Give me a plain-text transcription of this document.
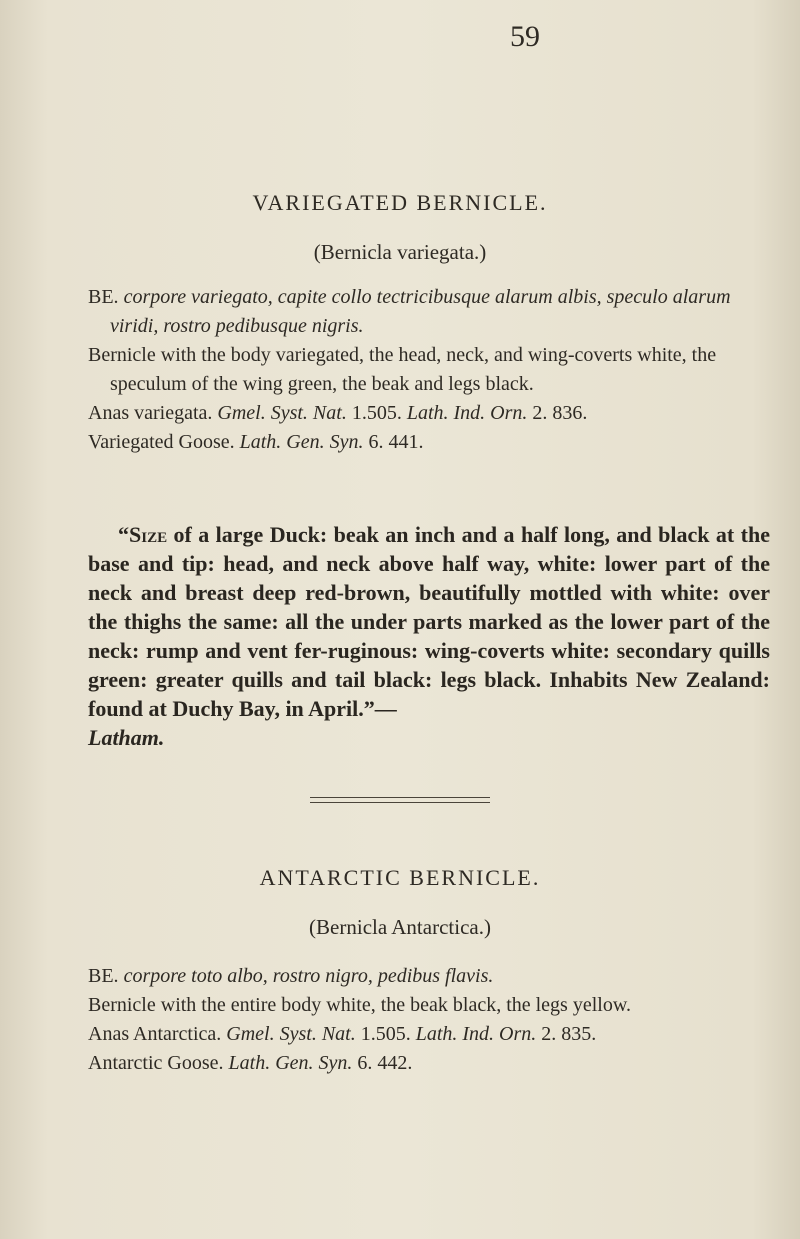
59
VARIEGATED BERNICLE.
(Bernicla variegata.)

BE. corpore variegato, capite collo tectricibusque alarum albis, speculo alarum viridi, rostro pedibusque nigris.

Bernicle with the body variegated, the head, neck, and wing-coverts white, the speculum of the wing green, the beak and legs black.

Anas variegata. Gmel. Syst. Nat. 1.505. Lath. Ind. Orn. 2. 836.

Variegated Goose. Lath. Gen. Syn. 6. 441.

“Size of a large Duck: beak an inch and a half long, and black at the base and tip: head, and neck above half way, white: lower part of the neck and breast deep red-brown, beautifully mottled with white: over the thighs the same: all the under parts marked as the lower part of the neck: rump and vent fer-ruginous: wing-coverts white: secondary quills green: greater quills and tail black: legs black. Inhabits New Zealand: found at Duchy Bay, in April.”—
Latham.
ANTARCTIC BERNICLE.
(Bernicla Antarctica.)

BE. corpore toto albo, rostro nigro, pedibus flavis.

Bernicle with the entire body white, the beak black, the legs yellow.

Anas Antarctica. Gmel. Syst. Nat. 1.505. Lath. Ind. Orn. 2. 835.

Antarctic Goose. Lath. Gen. Syn. 6. 442.
